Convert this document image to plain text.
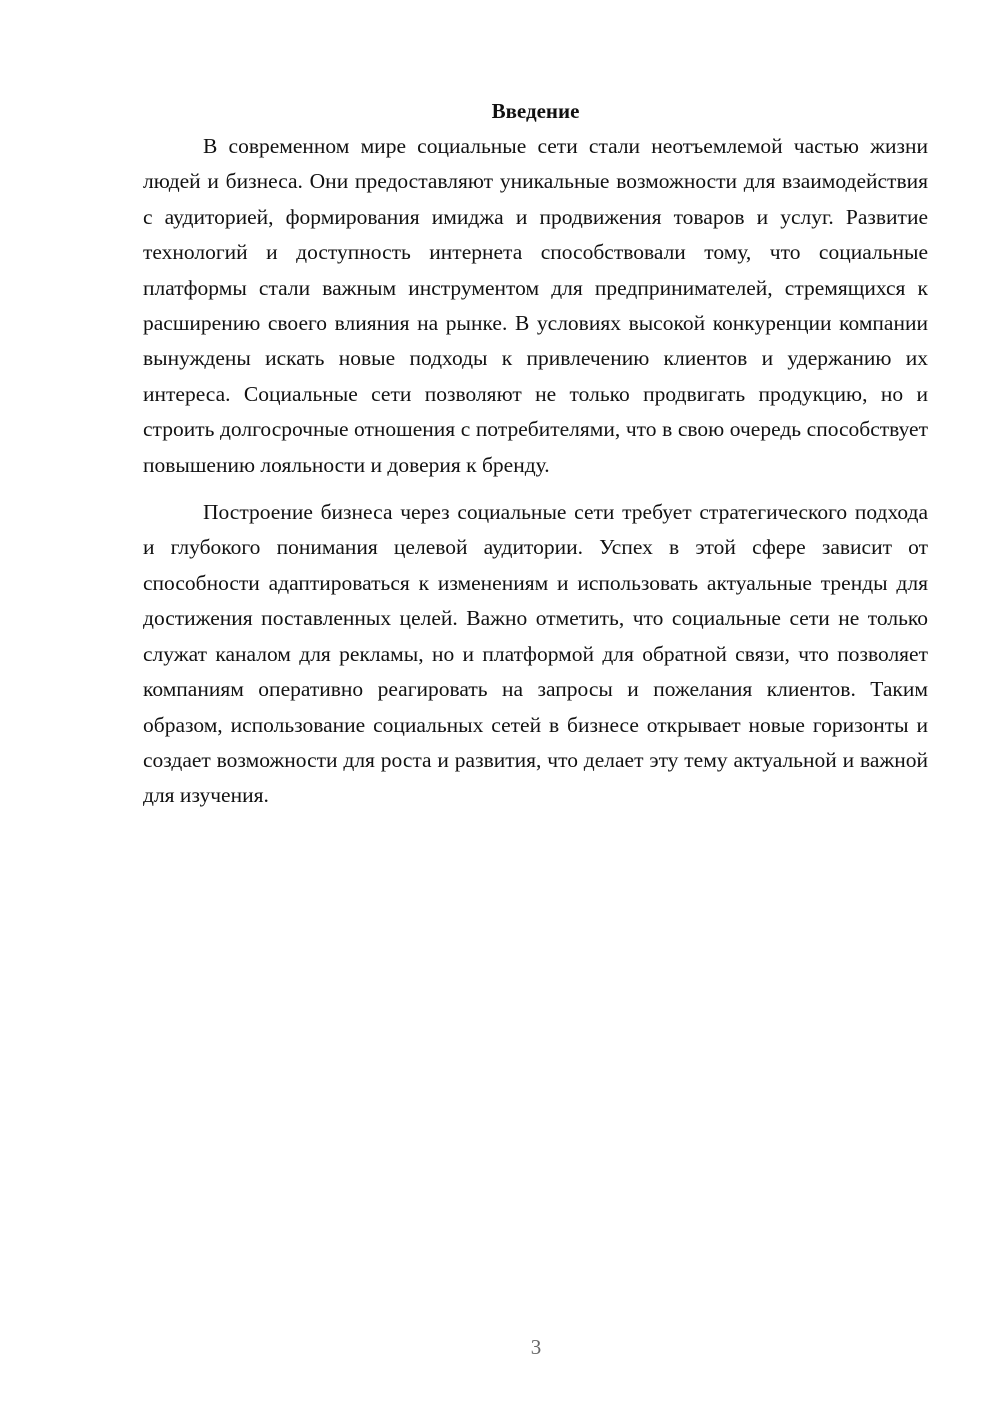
Введение

В современном мире социальные сети стали неотъемлемой частью жизни людей и бизнеса. Они предоставляют уникальные возможности для взаимодействия с аудиторией, формирования имиджа и продвижения товаров и услуг. Развитие технологий и доступность интернета способствовали тому, что социальные платформы стали важным инструментом для предпринимателей, стремящихся к расширению своего влияния на рынке. В условиях высокой конкуренции компании вынуждены искать новые подходы к привлечению клиентов и удержанию их интереса. Социальные сети позволяют не только продвигать продукцию, но и строить долгосрочные отношения с потребителями, что в свою очередь способствует повышению лояльности и доверия к бренду.

Построение бизнеса через социальные сети требует стратегического подхода и глубокого понимания целевой аудитории. Успех в этой сфере зависит от способности адаптироваться к изменениям и использовать актуальные тренды для достижения поставленных целей. Важно отметить, что социальные сети не только служат каналом для рекламы, но и платформой для обратной связи, что позволяет компаниям оперативно реагировать на запросы и пожелания клиентов. Таким образом, использование социальных сетей в бизнесе открывает новые горизонты и создает возможности для роста и развития, что делает эту тему актуальной и важной для изучения.

3
